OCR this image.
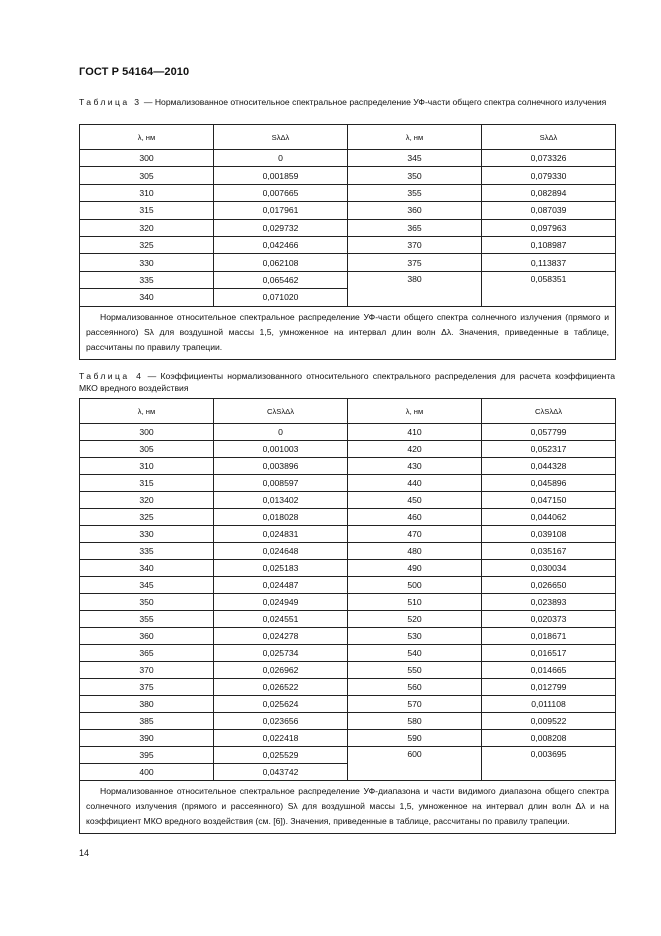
ГОСТ Р 54164—2010
Таблица 3 — Нормализованное относительное спектральное распределение УФ-части общего спектра солнечного излучения
λ, нм	SλΔλ	λ, нм	SλΔλ
300	0	345	0,073326
305	0,001859	350	0,079330
310	0,007665	355	0,082894
315	0,017961	360	0,087039
320	0,029732	365	0,097963
325	0,042466	370	0,108987
330	0,062108	375	0,113837
335	0,065462	380	0,058351
340	0,071020		
Нормализованное относительное спектральное распределение УФ-части общего спектра солнечного излучения (прямого и рассеянного) Sλ для воздушной массы 1,5, умноженное на интервал длин волн Δλ. Значения, приведенные в таблице, рассчитаны по правилу трапеции.			
Таблица 4 — Коэффициенты нормализованного относительного спектрального распределения для расчета коэффициента МКО вредного воздействия
λ, нм	CλSλΔλ	λ, нм	CλSλΔλ
300	0	410	0,057799
305	0,001003	420	0,052317
310	0,003896	430	0,044328
315	0,008597	440	0,045896
320	0,013402	450	0,047150
325	0,018028	460	0,044062
330	0,024831	470	0,039108
335	0,024648	480	0,035167
340	0,025183	490	0,030034
345	0,024487	500	0,026650
350	0,024949	510	0,023893
355	0,024551	520	0,020373
360	0,024278	530	0,018671
365	0,025734	540	0,016517
370	0,026962	550	0,014665
375	0,026522	560	0,012799
380	0,025624	570	0,011108
385	0,023656	580	0,009522
390	0,022418	590	0,008208
395	0,025529	600	0,003695
400	0,043742		
Нормализованное относительное спектральное распределение УФ-диапазона и части видимого диапазона общего спектра солнечного излучения (прямого и рассеянного) Sλ для воздушной массы 1,5, умноженное на интервал длин волн Δλ и на коэффициент МКО вредного воздействия (см. [6]). Значения, приведенные в таблице, рассчитаны по правилу трапеции.			
14
